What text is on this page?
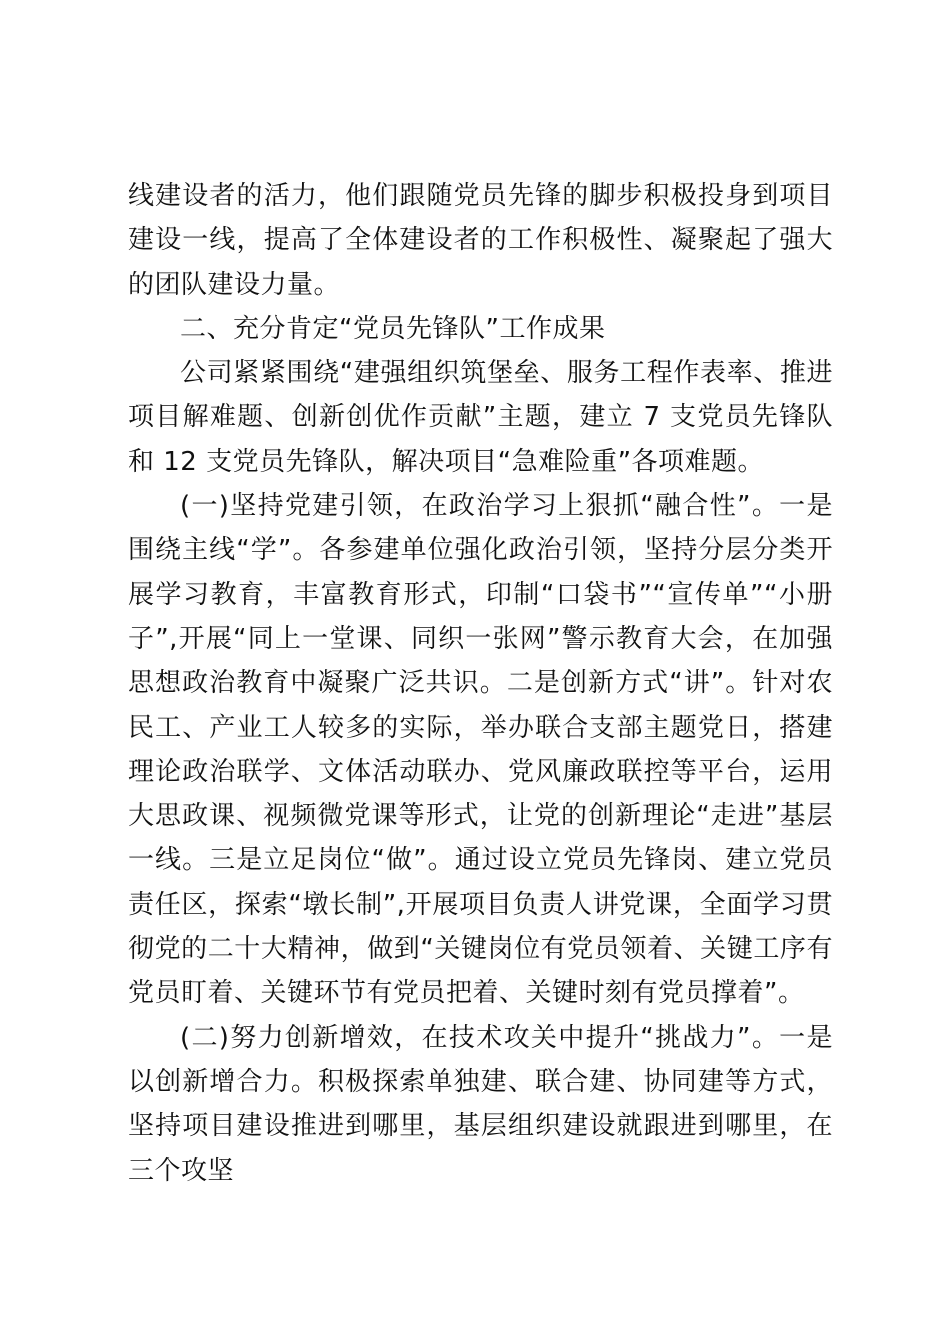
线建设者的活力，他们跟随党员先锋的脚步积极投身到项目建设一线，提高了全体建设者的工作积极性、凝聚起了强大的团队建设力量。

二、充分肯定“党员先锋队”工作成果

公司紧紧围绕“建强组织筑堡垒、服务工程作表率、推进项目解难题、创新创优作贡献”主题，建立 7 支党员先锋队和 12 支党员先锋队，解决项目“急难险重”各项难题。

(一)坚持党建引领，在政治学习上狠抓“融合性”。一是围绕主线“学”。各参建单位强化政治引领，坚持分层分类开展学习教育，丰富教育形式，印制“口袋书”“宣传单”“小册子”,开展“同上一堂课、同织一张网”警示教育大会，在加强思想政治教育中凝聚广泛共识。二是创新方式“讲”。针对农民工、产业工人较多的实际，举办联合支部主题党日，搭建理论政治联学、文体活动联办、党风廉政联控等平台，运用大思政课、视频微党课等形式，让党的创新理论“走进”基层一线。三是立足岗位“做”。通过设立党员先锋岗、建立党员责任区，探索“墩长制”,开展项目负责人讲党课，全面学习贯彻党的二十大精神，做到“关键岗位有党员领着、关键工序有党员盯着、关键环节有党员把着、关键时刻有党员撑着”。

(二)努力创新增效，在技术攻关中提升“挑战力”。一是以创新增合力。积极探索单独建、联合建、协同建等方式，坚持项目建设推进到哪里，基层组织建设就跟进到哪里，在三个攻坚
